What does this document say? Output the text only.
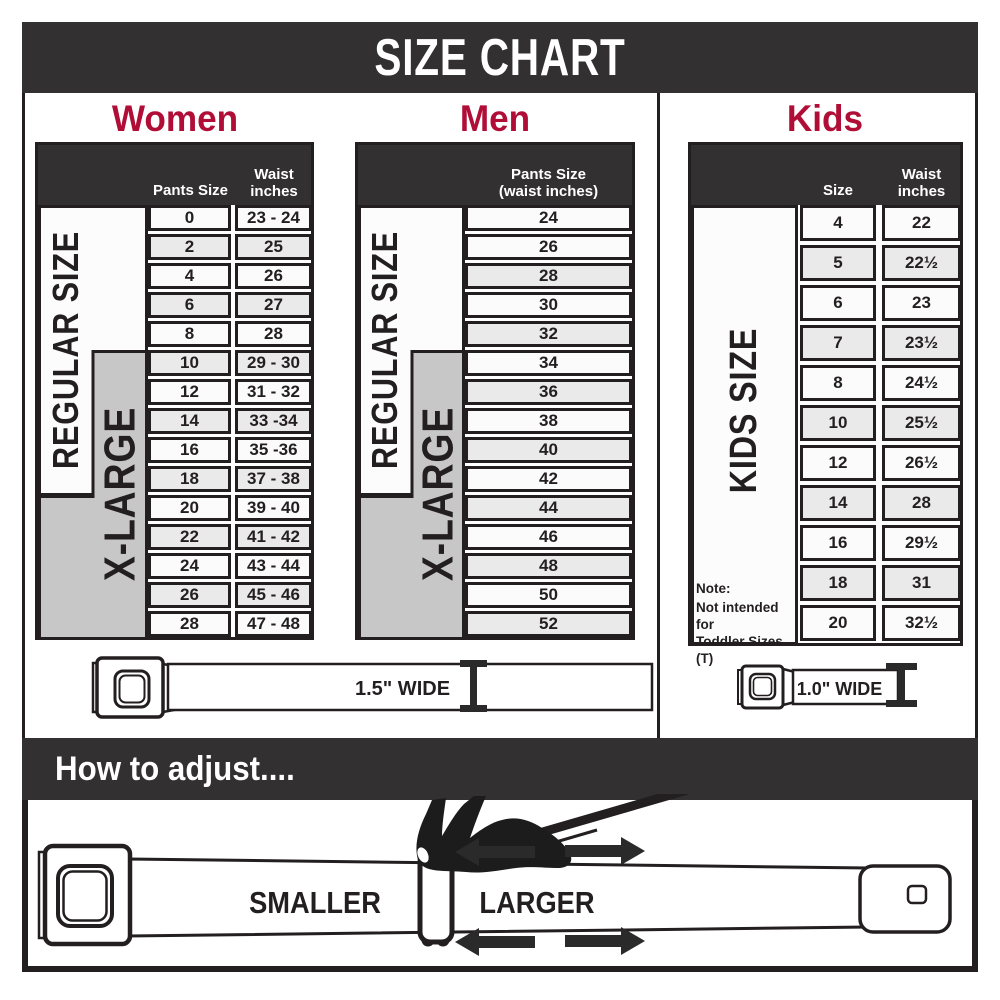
SIZE CHART
Women	Men	Kids
Pants Size
Waist
inches
REGULAR SIZE
X-LARGE
0	23 - 24
2	25
4	26
6	27
8	28
10	29 - 30
12	31 - 32
14	33 -34
16	35 -36
18	37 - 38
20	39 - 40
22	41 - 42
24	43 - 44
26	45 - 46
28	47 - 48
Pants Size
(waist inches)
REGULAR SIZE
X-LARGE
24
26
28
30
32
34
36
38
40
42
44
46
48
50
52
Size
Waist
inches
KIDS SIZE
Note:
Not intended for
Toddler Sizes (T)
4	22
5	22½
6	23
7	23½
8	24½
10	25½
12	26½
14	28
16	29½
18	31
20	32½
1.5" WIDE	1.0" WIDE
How to adjust....
SMALLER	LARGER
